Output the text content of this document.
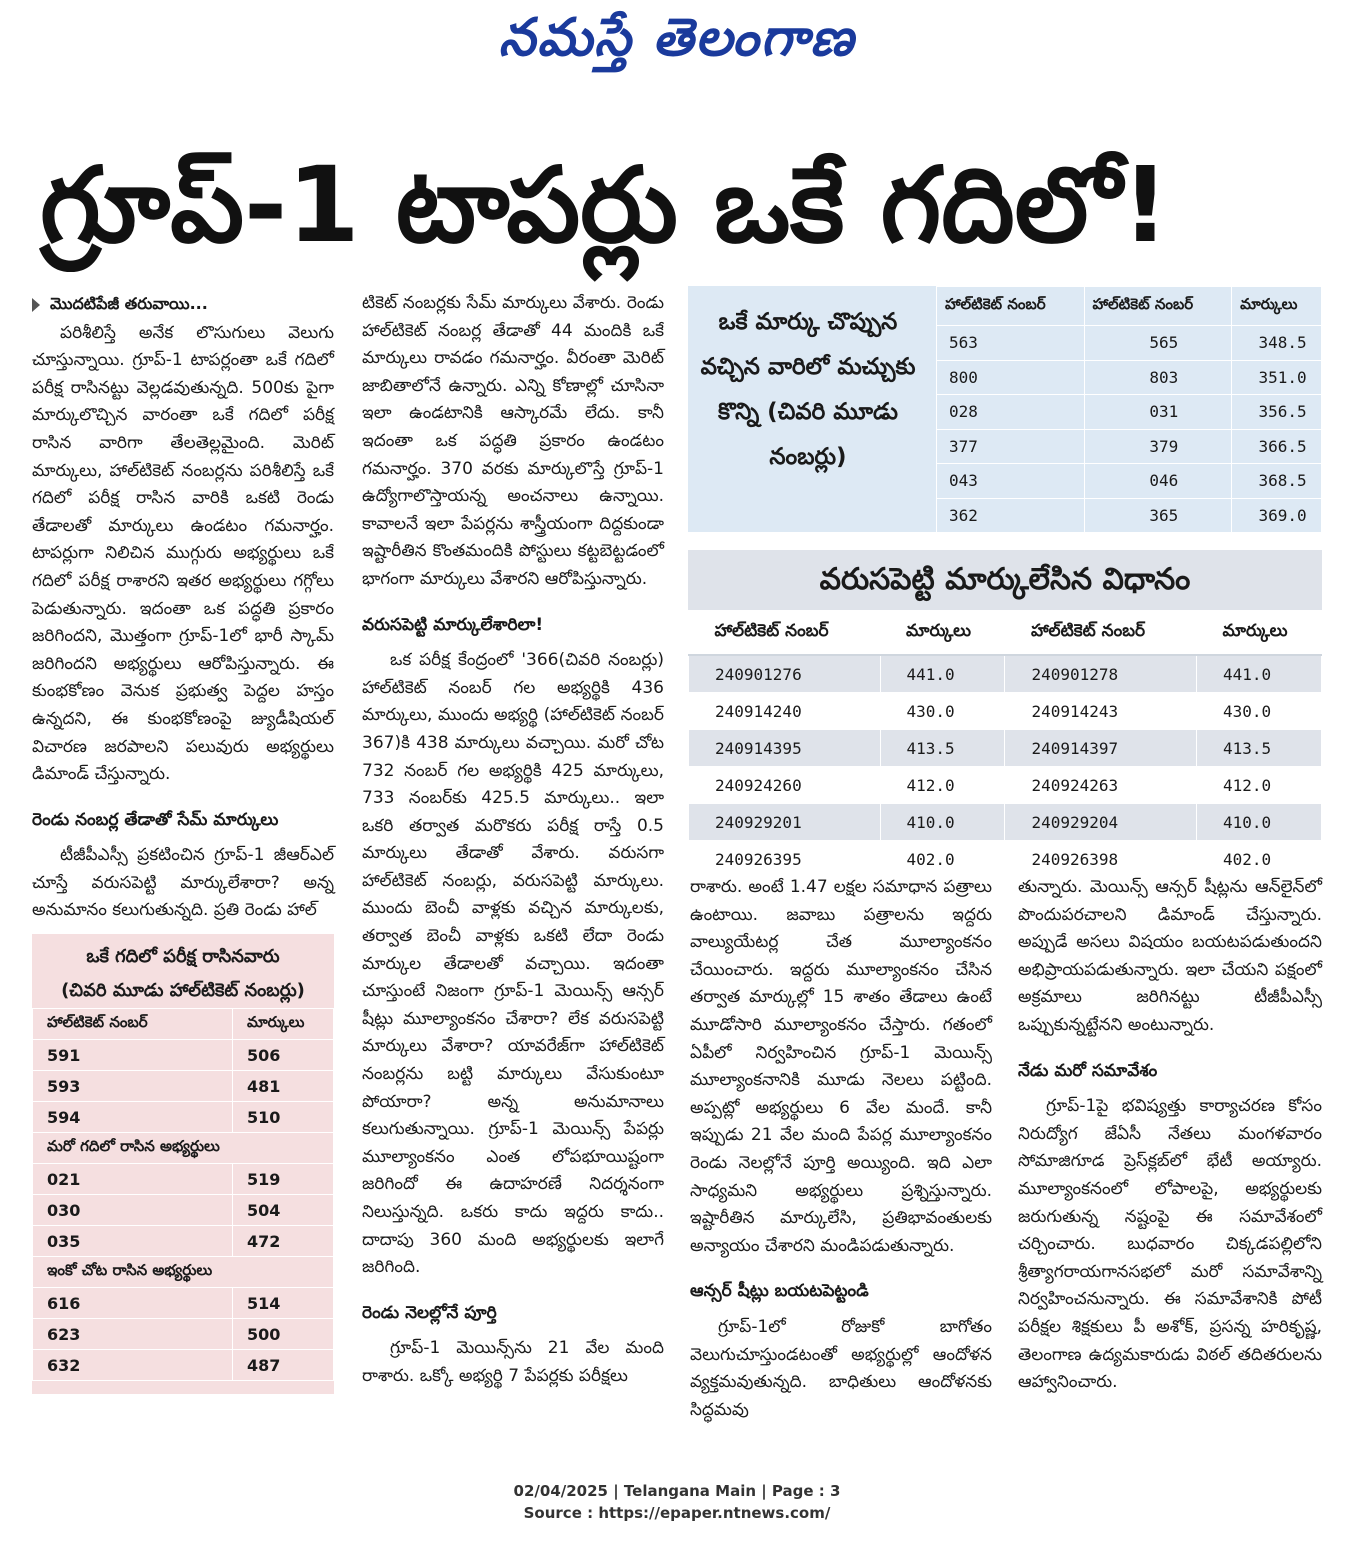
నమస్తే తెలంగాణ
గ్రూప్-1 టాపర్లు ఒకే గదిలో!
మొదటిపేజీ తరువాయి...

పరిశీలిస్తే అనేక లొసుగులు వెలుగు చూస్తున్నాయి. గ్రూప్-1 టాపర్లంతా ఒకే గదిలో పరీక్ష రాసినట్టు వెల్లడవుతున్నది. 500కు పైగా మార్కులొచ్చిన వారంతా ఒకే గదిలో పరీక్ష రాసిన వారిగా తేలతెల్లమైంది. మెరిట్ మార్కులు, హాల్‌టికెట్ నంబర్లను పరిశీలిస్తే ఒకే గదిలో పరీక్ష రాసిన వారికి ఒకటి రెండు తేడాలతో మార్కులు ఉండటం గమనార్హం. టాపర్లుగా నిలిచిన ముగ్గురు అభ్యర్థులు ఒకే గదిలో పరీక్ష రాశారని ఇతర అభ్యర్థులు గగ్గోలు పెడుతున్నారు. ఇదంతా ఒక పద్ధతి ప్రకారం జరిగిందని, మొత్తంగా గ్రూప్-1లో భారీ స్కామ్ జరిగిందని అభ్యర్థులు ఆరోపిస్తున్నారు. ఈ కుంభకోణం వెనుక ప్రభుత్వ పెద్దల హస్తం ఉన్నదని, ఈ కుంభకోణంపై జ్యుడీషియల్ విచారణ జరపాలని పలువురు అభ్యర్థులు డిమాండ్ చేస్తున్నారు.

రెండు నంబర్ల తేడాతో సేమ్ మార్కులు

టీజీపీఎస్సీ ప్రకటించిన గ్రూప్-1 జీఆర్‌ఎల్ చూస్తే వరుసపెట్టి మార్కులేశారా? అన్న అనుమానం కలుగుతున్నది. ప్రతి రెండు హాల్

ఒకే గదిలో పరీక్ష రాసినవారు
(చివరి మూడు హాల్‌టికెట్ నంబర్లు)
హాల్‌టికెట్ నంబర్	మార్కులు
591	506
593	481
594	510
మరో గదిలో రాసిన అభ్యర్థులు	
021	519
030	504
035	472
ఇంకో చోట రాసిన అభ్యర్థులు	
616	514
623	500
632	487

టికెట్ నంబర్లకు సేమ్ మార్కులు వేశారు. రెండు హాల్‌టికెట్ నంబర్ల తేడాతో 44 మందికి ఒకే మార్కులు రావడం గమనార్హం. వీరంతా మెరిట్ జాబితాలోనే ఉన్నారు. ఎన్ని కోణాల్లో చూసినా ఇలా ఉండటానికి ఆస్కారమే లేదు. కానీ ఇదంతా ఒక పద్ధతి ప్రకారం ఉండటం గమనార్హం. 370 వరకు మార్కులొస్తే గ్రూప్-1 ఉద్యోగాలొస్తాయన్న అంచనాలు ఉన్నాయి. కావాలనే ఇలా పేపర్లను శాస్త్రీయంగా దిద్దకుండా ఇష్టారీతిన కొంతమందికి పోస్టులు కట్టబెట్టడంలో భాగంగా మార్కులు వేశారని ఆరోపిస్తున్నారు.

వరుసపెట్టి మార్కులేశారిలా!

ఒక పరీక్ష కేంద్రంలో '366(చివరి నంబర్లు) హాల్‌టికెట్ నంబర్ గల అభ్యర్థికి 436 మార్కులు, ముందు అభ్యర్థి (హాల్‌టికెట్ నంబర్ 367)కి 438 మార్కులు వచ్చాయి. మరో చోట 732 నంబర్ గల అభ్యర్థికి 425 మార్కులు, 733 నంబర్‌కు 425.5 మార్కులు.. ఇలా ఒకరి తర్వాత మరొకరు పరీక్ష రాస్తే 0.5 మార్కులు తేడాతో వేశారు. వరుసగా హాల్‌టికెట్ నంబర్లు, వరుసపెట్టి మార్కులు. ముందు బెంచీ వాళ్లకు వచ్చిన మార్కులకు, తర్వాత బెంచీ వాళ్లకు ఒకటి లేదా రెండు మార్కుల తేడాలతో వచ్చాయి. ఇదంతా చూస్తుంటే నిజంగా గ్రూప్-1 మెయిన్స్ ఆన్సర్ షీట్లు మూల్యాంకనం చేశారా? లేక వరుసపెట్టి మార్కులు వేశారా? యావరేజ్‌గా హాల్‌టికెట్ నంబర్లను బట్టి మార్కులు వేసుకుంటూ పోయారా? అన్న అనుమానాలు కలుగుతున్నాయి. గ్రూప్-1 మెయిన్స్ పేపర్లు మూల్యాంకనం ఎంత లోపభూయిష్టంగా జరిగిందో ఈ ఉదాహరణే నిదర్శనంగా నిలుస్తున్నది. ఒకరు కాదు ఇద్దరు కాదు.. దాదాపు 360 మంది అభ్యర్థులకు ఇలాగే జరిగింది.

రెండు నెలల్లోనే పూర్తి

గ్రూప్-1 మెయిన్స్‌ను 21 వేల మంది రాశారు. ఒక్కో అభ్యర్థి 7 పేపర్లకు పరీక్షలు

ఒకే మార్కు చొప్పున వచ్చిన వారిలో మచ్చుకు కొన్ని (చివరి మూడు నంబర్లు)
హాల్‌టికెట్ నంబర్	హాల్‌టికెట్ నంబర్	మార్కులు
563	565	348.5
800	803	351.0
028	031	356.5
377	379	366.5
043	046	368.5
362	365	369.0
వరుసపెట్టి మార్కులేసిన విధానం
హాల్‌టికెట్ నంబర్	మార్కులు	హాల్‌టికెట్ నంబర్	మార్కులు
240901276	441.0	240901278	441.0
240914240	430.0	240914243	430.0
240914395	413.5	240914397	413.5
240924260	412.0	240924263	412.0
240929201	410.0	240929204	410.0
240926395	402.0	240926398	402.0

రాశారు. అంటే 1.47 లక్షల సమాధాన పత్రాలు ఉంటాయి. జవాబు పత్రాలను ఇద్దరు వాల్యుయేటర్ల చేత మూల్యాంకనం చేయించారు. ఇద్దరు మూల్యాంకనం చేసిన తర్వాత మార్కుల్లో 15 శాతం తేడాలు ఉంటే మూడోసారి మూల్యాంకనం చేస్తారు. గతంలో ఏపీలో నిర్వహించిన గ్రూప్-1 మెయిన్స్ మూల్యాంకనానికి మూడు నెలలు పట్టింది. అప్పట్లో అభ్యర్థులు 6 వేల మందే. కానీ ఇప్పుడు 21 వేల మంది పేపర్ల మూల్యాంకనం రెండు నెలల్లోనే పూర్తి అయ్యింది. ఇది ఎలా సాధ్యమని అభ్యర్థులు ప్రశ్నిస్తున్నారు. ఇష్టారీతిన మార్కులేసి, ప్రతిభావంతులకు అన్యాయం చేశారని మండిపడుతున్నారు.

ఆన్సర్ షీట్లు బయటపెట్టండి

గ్రూప్-1లో రోజుకో బాగోతం వెలుగుచూస్తుండటంతో అభ్యర్థుల్లో ఆందోళన వ్యక్తమవుతున్నది. బాధితులు ఆందోళనకు సిద్ధమవు

తున్నారు. మెయిన్స్ ఆన్సర్ షీట్లను ఆన్‌లైన్‌లో పొందుపరచాలని డిమాండ్ చేస్తున్నారు. అప్పుడే అసలు విషయం బయటపడుతుందని అభిప్రాయపడుతున్నారు. ఇలా చేయని పక్షంలో అక్రమాలు జరిగినట్టు టీజీపీఎస్సీ ఒప్పుకున్నట్టేనని అంటున్నారు.

నేడు మరో సమావేశం

గ్రూప్-1పై భవిష్యత్తు కార్యాచరణ కోసం నిరుద్యోగ జేఏసీ నేతలు మంగళవారం సోమాజిగూడ ప్రెస్‌క్లబ్‌లో భేటీ అయ్యారు. మూల్యాంకనంలో లోపాలపై, అభ్యర్థులకు జరుగుతున్న నష్టంపై ఈ సమావేశంలో చర్చించారు. బుధవారం చిక్కడపల్లిలోని శ్రీత్యాగరాయగానసభలో మరో సమావేశాన్ని నిర్వహించనున్నారు. ఈ సమావేశానికి పోటీ పరీక్షల శిక్షకులు పీ అశోక్, ప్రసన్న హరికృష్ణ, తెలంగాణ ఉద్యమకారుడు విఠల్ తదితరులను ఆహ్వానించారు.

02/04/2025 | Telangana Main | Page : 3
Source : https://epaper.ntnews.com/
